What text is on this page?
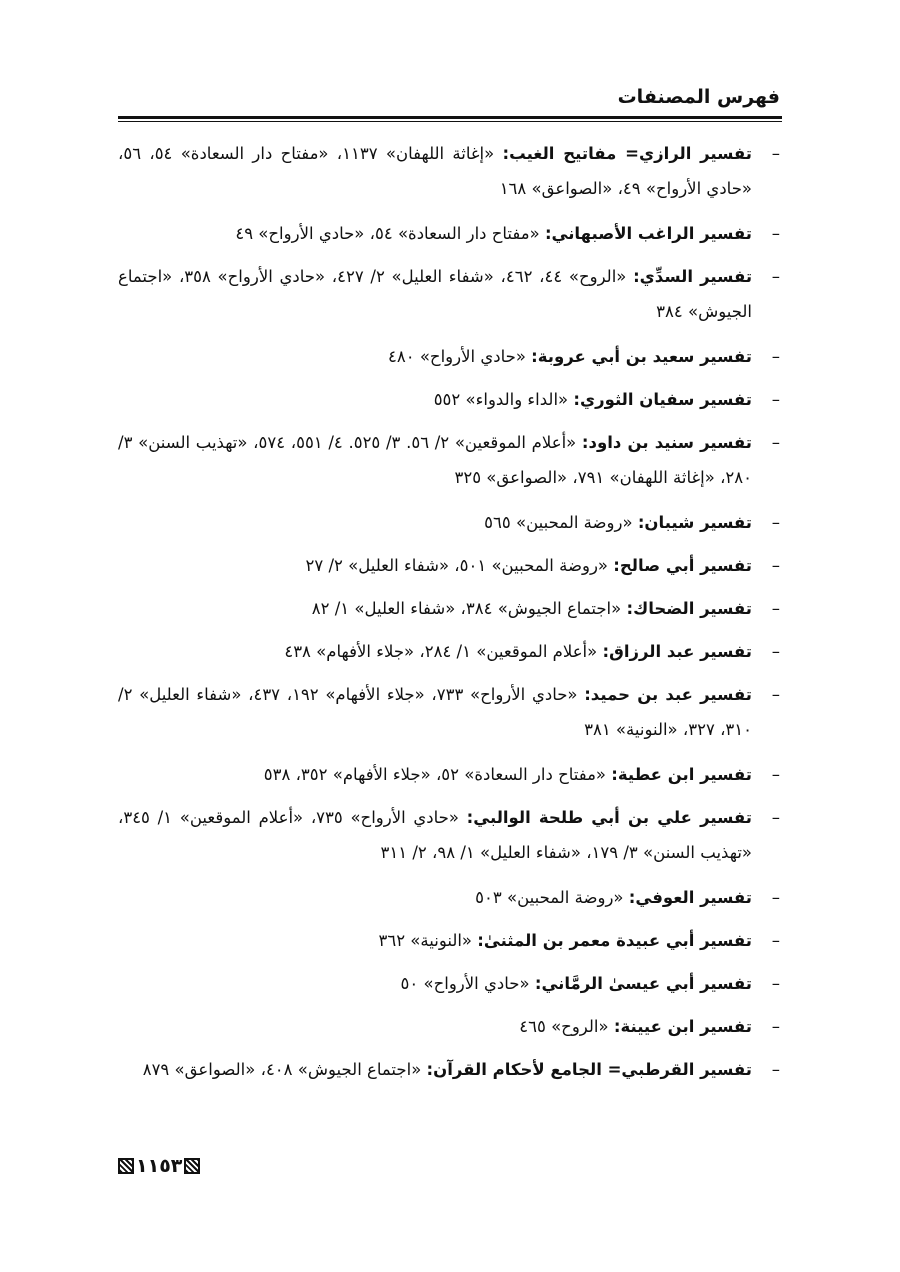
فهرس المصنفات
–
تفسير الرازي= مفاتيح الغيب: «إغاثة اللهفان» ١١٣٧، «مفتاح دار السعادة» ٥٤، ٥٦، «حادي الأرواح» ٤٩، «الصواعق» ١٦٨
–
تفسير الراغب الأصبهاني: «مفتاح دار السعادة» ٥٤، «حادي الأرواح» ٤٩
–
تفسير السدِّي: «الروح» ٤٤، ٤٦٢، «شفاء العليل» ٢/ ٤٢٧، «حادي الأرواح» ٣٥٨، «اجتماع الجيوش» ٣٨٤
–
تفسير سعيد بن أبي عروبة: «حادي الأرواح» ٤٨٠
–
تفسير سفيان الثوري: «الداء والدواء» ٥٥٢
–
تفسير سنيد بن داود: «أعلام الموقعين» ٢/ ٥٦. ٣/ ٥٢٥. ٤/ ٥٥١، ٥٧٤، «تهذيب السنن» ٣/ ٢٨٠، «إغاثة اللهفان» ٧٩١، «الصواعق» ٣٢٥
–
تفسير شيبان: «روضة المحبين» ٥٦٥
–
تفسير أبي صالح: «روضة المحبين» ٥٠١، «شفاء العليل» ٢/ ٢٧
–
تفسير الضحاك: «اجتماع الجيوش» ٣٨٤، «شفاء العليل» ١/ ٨٢
–
تفسير عبد الرزاق: «أعلام الموقعين» ١/ ٢٨٤، «جلاء الأفهام» ٤٣٨
–
تفسير عبد بن حميد: «حادي الأرواح» ٧٣٣، «جلاء الأفهام» ١٩٢، ٤٣٧، «شفاء العليل» ٢/ ٣١٠، ٣٢٧، «النونية» ٣٨١
–
تفسير ابن عطية: «مفتاح دار السعادة» ٥٢، «جلاء الأفهام» ٣٥٢، ٥٣٨
–
تفسير علي بن أبي طلحة الوالبي: «حادي الأرواح» ٧٣٥، «أعلام الموقعين» ١/ ٣٤٥، «تهذيب السنن» ٣/ ١٧٩، «شفاء العليل» ١/ ٩٨، ٢/ ٣١١
–
تفسير العوفي: «روضة المحبين» ٥٠٣
–
تفسير أبي عبيدة معمر بن المثنىٰ: «النونية» ٣٦٢
–
تفسير أبي عيسىٰ الرمَّاني: «حادي الأرواح» ٥٠
–
تفسير ابن عيينة: «الروح» ٤٦٥
–
تفسير القرطبي= الجامع لأحكام القرآن: «اجتماع الجيوش» ٤٠٨، «الصواعق» ٨٧٩
١١٥٣
